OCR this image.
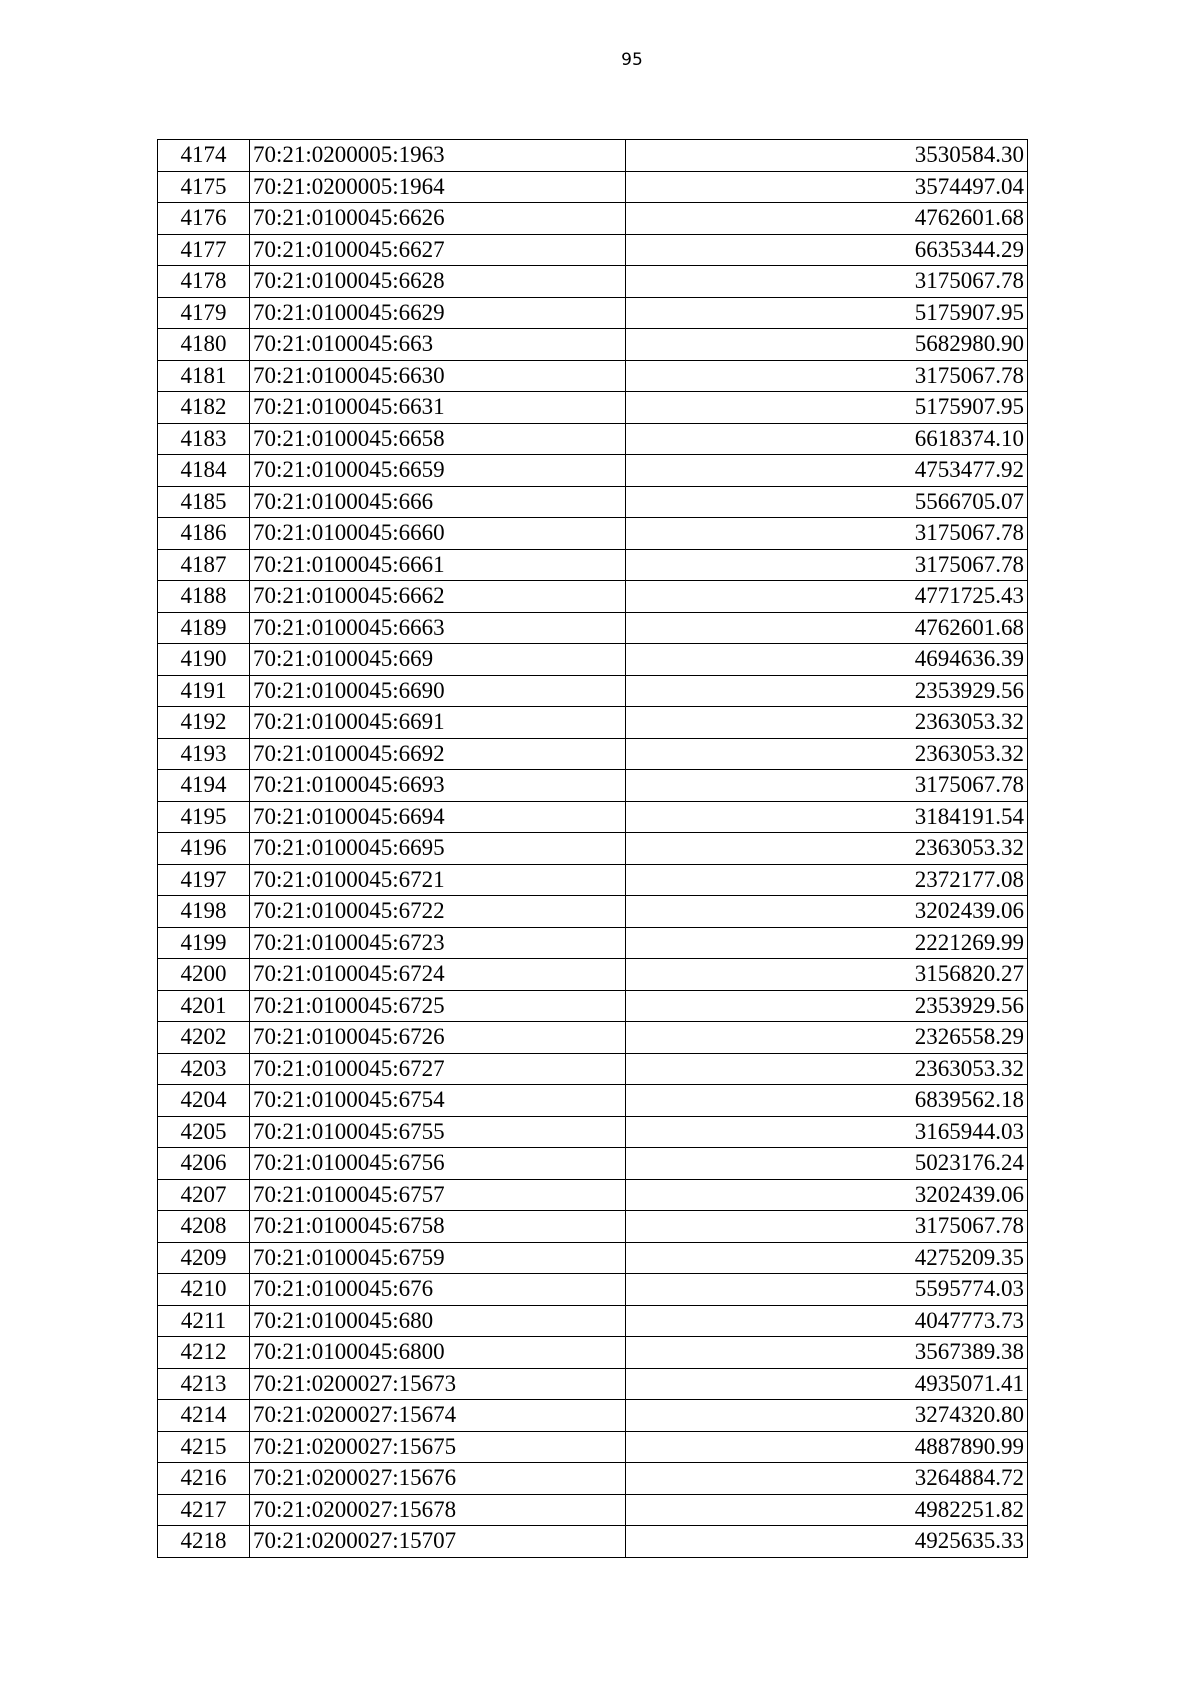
95
4174	70:21:0200005:1963	3530584.30
4175	70:21:0200005:1964	3574497.04
4176	70:21:0100045:6626	4762601.68
4177	70:21:0100045:6627	6635344.29
4178	70:21:0100045:6628	3175067.78
4179	70:21:0100045:6629	5175907.95
4180	70:21:0100045:663	5682980.90
4181	70:21:0100045:6630	3175067.78
4182	70:21:0100045:6631	5175907.95
4183	70:21:0100045:6658	6618374.10
4184	70:21:0100045:6659	4753477.92
4185	70:21:0100045:666	5566705.07
4186	70:21:0100045:6660	3175067.78
4187	70:21:0100045:6661	3175067.78
4188	70:21:0100045:6662	4771725.43
4189	70:21:0100045:6663	4762601.68
4190	70:21:0100045:669	4694636.39
4191	70:21:0100045:6690	2353929.56
4192	70:21:0100045:6691	2363053.32
4193	70:21:0100045:6692	2363053.32
4194	70:21:0100045:6693	3175067.78
4195	70:21:0100045:6694	3184191.54
4196	70:21:0100045:6695	2363053.32
4197	70:21:0100045:6721	2372177.08
4198	70:21:0100045:6722	3202439.06
4199	70:21:0100045:6723	2221269.99
4200	70:21:0100045:6724	3156820.27
4201	70:21:0100045:6725	2353929.56
4202	70:21:0100045:6726	2326558.29
4203	70:21:0100045:6727	2363053.32
4204	70:21:0100045:6754	6839562.18
4205	70:21:0100045:6755	3165944.03
4206	70:21:0100045:6756	5023176.24
4207	70:21:0100045:6757	3202439.06
4208	70:21:0100045:6758	3175067.78
4209	70:21:0100045:6759	4275209.35
4210	70:21:0100045:676	5595774.03
4211	70:21:0100045:680	4047773.73
4212	70:21:0100045:6800	3567389.38
4213	70:21:0200027:15673	4935071.41
4214	70:21:0200027:15674	3274320.80
4215	70:21:0200027:15675	4887890.99
4216	70:21:0200027:15676	3264884.72
4217	70:21:0200027:15678	4982251.82
4218	70:21:0200027:15707	4925635.33
